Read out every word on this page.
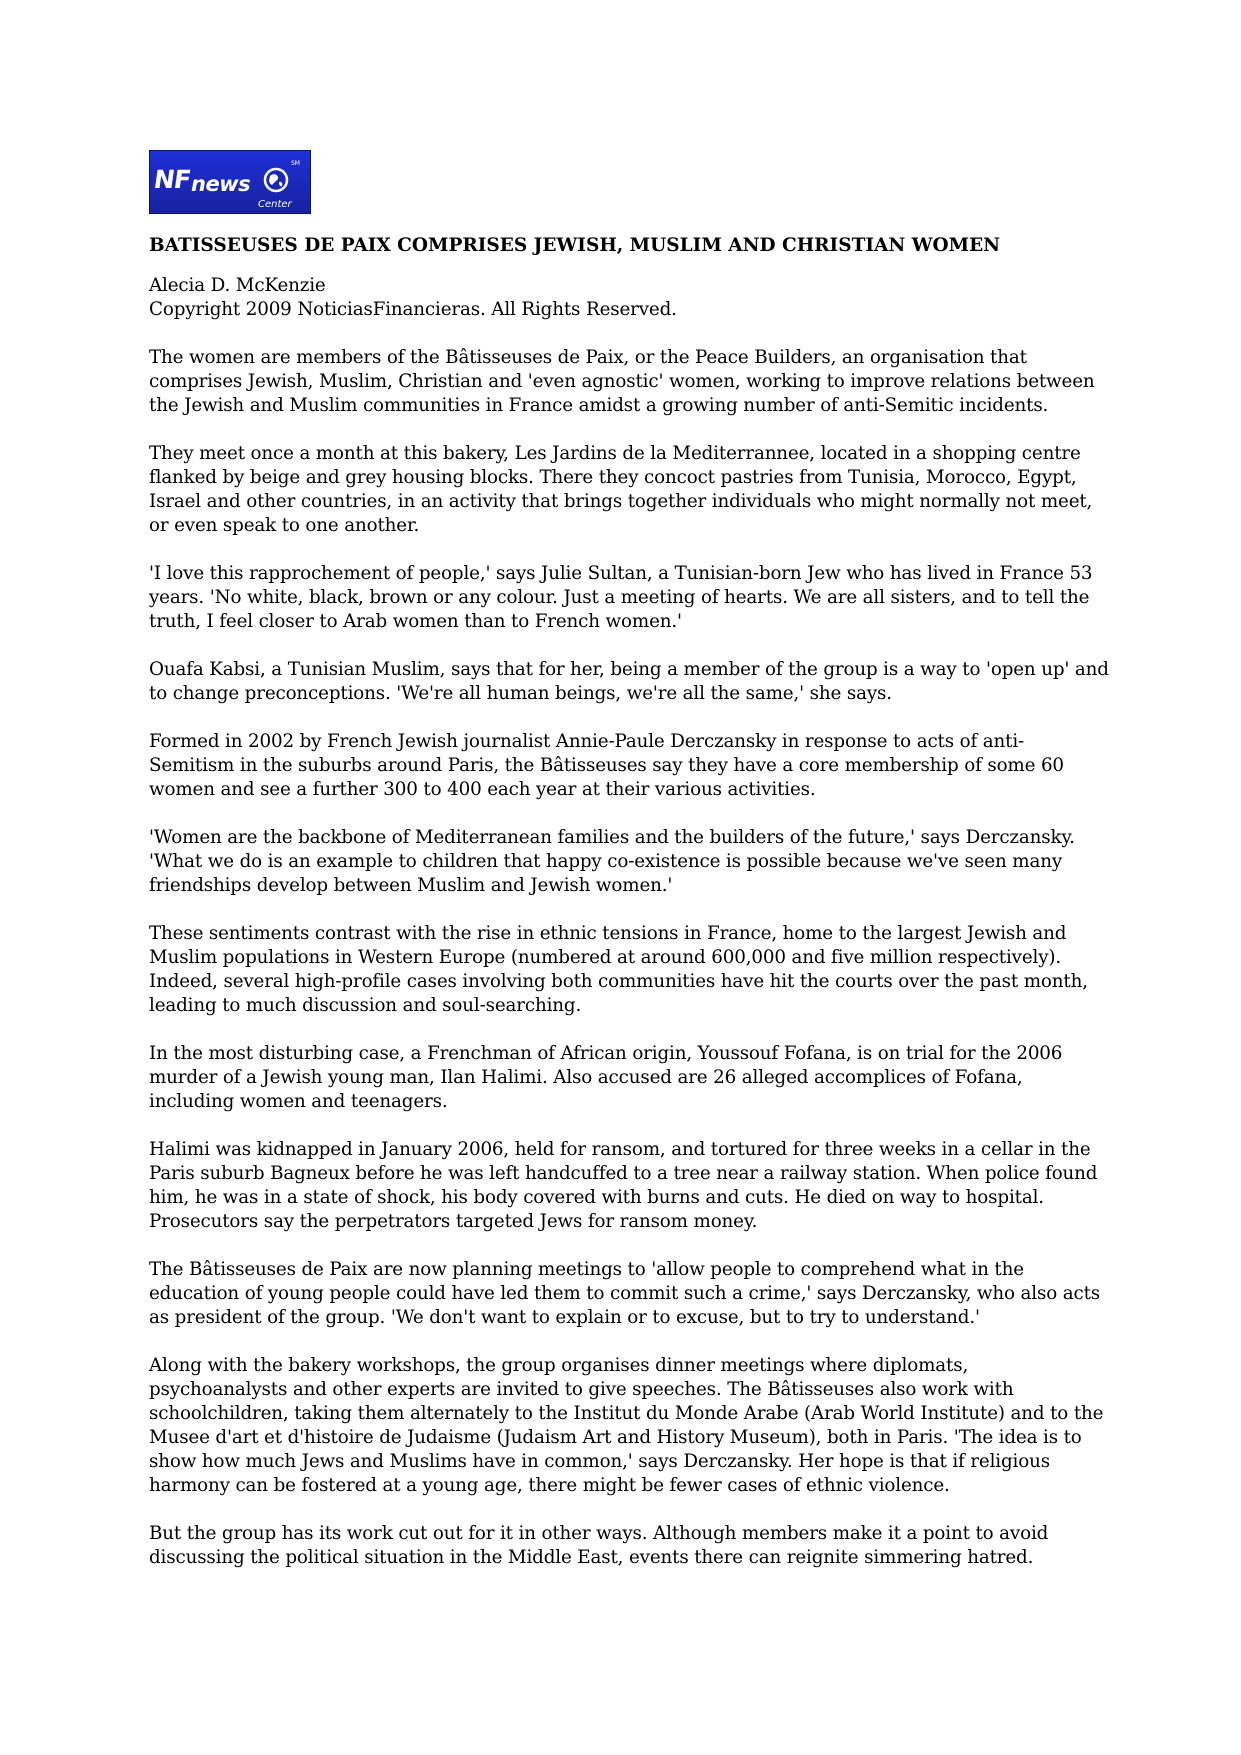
NF
news
SM
Center
BATISSEUSES DE PAIX COMPRISES JEWISH, MUSLIM AND CHRISTIAN WOMEN
Alecia D. McKenzie
Copyright 2009 NoticiasFinancieras. All Rights Reserved.

The women are members of the Bâtisseuses de Paix, or the Peace Builders, an organisation that comprises Jewish, Muslim, Christian and 'even agnostic' women, working to improve relations between the Jewish and Muslim communities in France amidst a growing number of anti-Semitic incidents.

They meet once a month at this bakery, Les Jardins de la Mediterrannee, located in a shopping centre flanked by beige and grey housing blocks. There they concoct pastries from Tunisia, Morocco, Egypt, Israel and other countries, in an activity that brings together individuals who might normally not meet, or even speak to one another.

'I love this rapprochement of people,' says Julie Sultan, a Tunisian-born Jew who has lived in France 53 years. 'No white, black, brown or any colour. Just a meeting of hearts. We are all sisters, and to tell the truth, I feel closer to Arab women than to French women.'

Ouafa Kabsi, a Tunisian Muslim, says that for her, being a member of the group is a way to 'open up' and to change preconceptions. 'We're all human beings, we're all the same,' she says.

Formed in 2002 by French Jewish journalist Annie-Paule Derczansky in response to acts of anti-Semitism in the suburbs around Paris, the Bâtisseuses say they have a core membership of some 60 women and see a further 300 to 400 each year at their various activities.

'Women are the backbone of Mediterranean families and the builders of the future,' says Derczansky. 'What we do is an example to children that happy co-existence is possible because we've seen many friendships develop between Muslim and Jewish women.'

These sentiments contrast with the rise in ethnic tensions in France, home to the largest Jewish and Muslim populations in Western Europe (numbered at around 600,000 and five million respectively). Indeed, several high-profile cases involving both communities have hit the courts over the past month, leading to much discussion and soul-searching.

In the most disturbing case, a Frenchman of African origin, Youssouf Fofana, is on trial for the 2006 murder of a Jewish young man, Ilan Halimi. Also accused are 26 alleged accomplices of Fofana, including women and teenagers.

Halimi was kidnapped in January 2006, held for ransom, and tortured for three weeks in a cellar in the Paris suburb Bagneux before he was left handcuffed to a tree near a railway station. When police found him, he was in a state of shock, his body covered with burns and cuts. He died on way to hospital. Prosecutors say the perpetrators targeted Jews for ransom money.

The Bâtisseuses de Paix are now planning meetings to 'allow people to comprehend what in the education of young people could have led them to commit such a crime,' says Derczansky, who also acts as president of the group. 'We don't want to explain or to excuse, but to try to understand.'

Along with the bakery workshops, the group organises dinner meetings where diplomats, psychoanalysts and other experts are invited to give speeches. The Bâtisseuses also work with schoolchildren, taking them alternately to the Institut du Monde Arabe (Arab World Institute) and to the Musee d'art et d'histoire de Judaisme (Judaism Art and History Museum), both in Paris. 'The idea is to show how much Jews and Muslims have in common,' says Derczansky. Her hope is that if religious harmony can be fostered at a young age, there might be fewer cases of ethnic violence.

But the group has its work cut out for it in other ways. Although members make it a point to avoid discussing the political situation in the Middle East, events there can reignite simmering hatred.
